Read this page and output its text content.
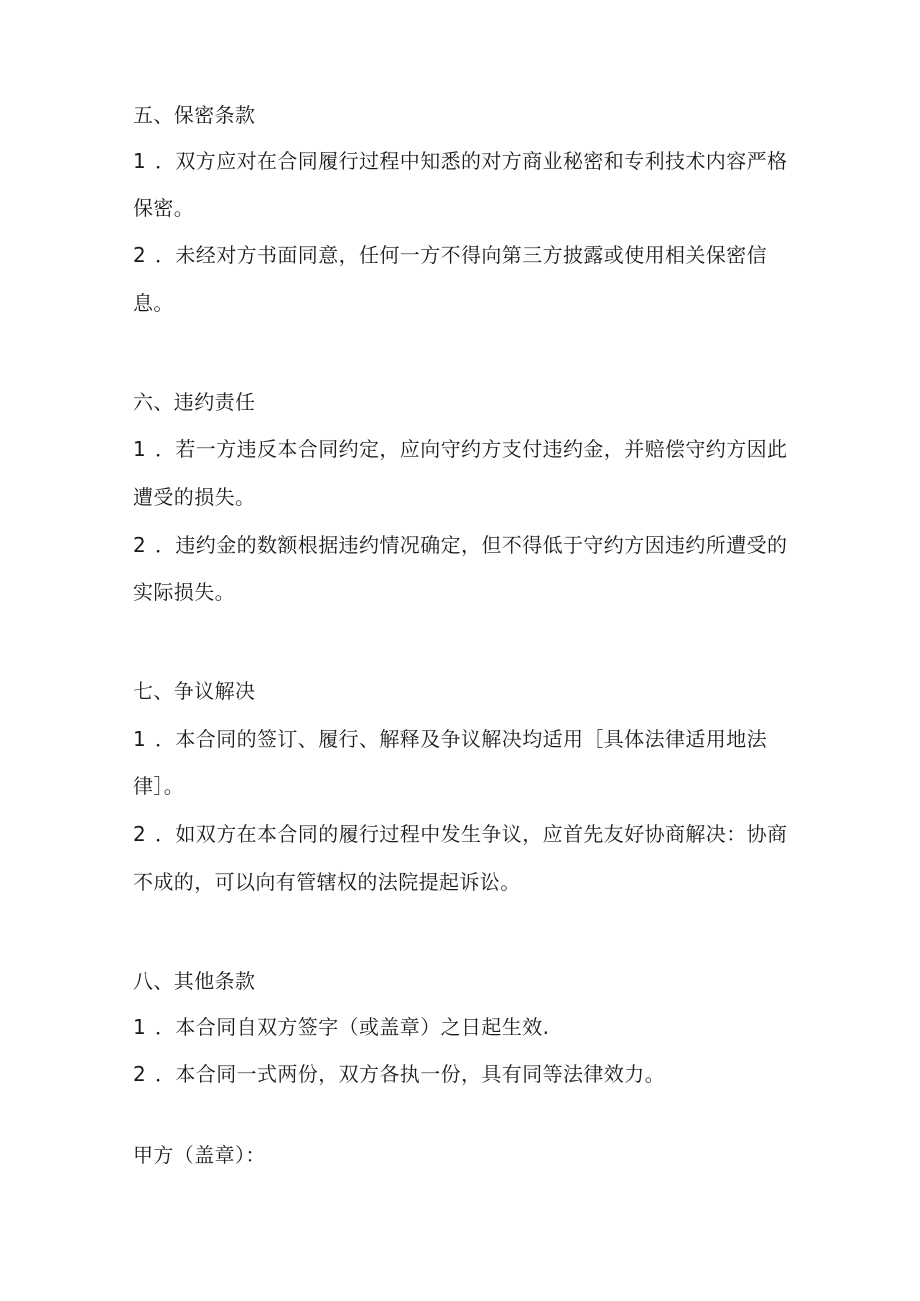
五、保密条款
1 ．双方应对在合同履行过程中知悉的对方商业秘密和专利技术内容严格
保密。
2 ．未经对方书面同意，任何一方不得向第三方披露或使用相关保密信
息。
六、违约责任
1 ．若一方违反本合同约定，应向守约方支付违约金，并赔偿守约方因此
遭受的损失。
2 ．违约金的数额根据违约情况确定，但不得低于守约方因违约所遭受的
实际损失。
七、争议解决
1 ．本合同的签订、履行、解释及争议解决均适用［具体法律适用地法
律］。
2 ．如双方在本合同的履行过程中发生争议，应首先友好协商解决：协商
不成的，可以向有管辖权的法院提起诉讼。
八、其他条款
1 ．本合同自双方签字（或盖章）之日起生效.
2 ．本合同一式两份，双方各执一份，具有同等法律效力。
甲方（盖章）：
